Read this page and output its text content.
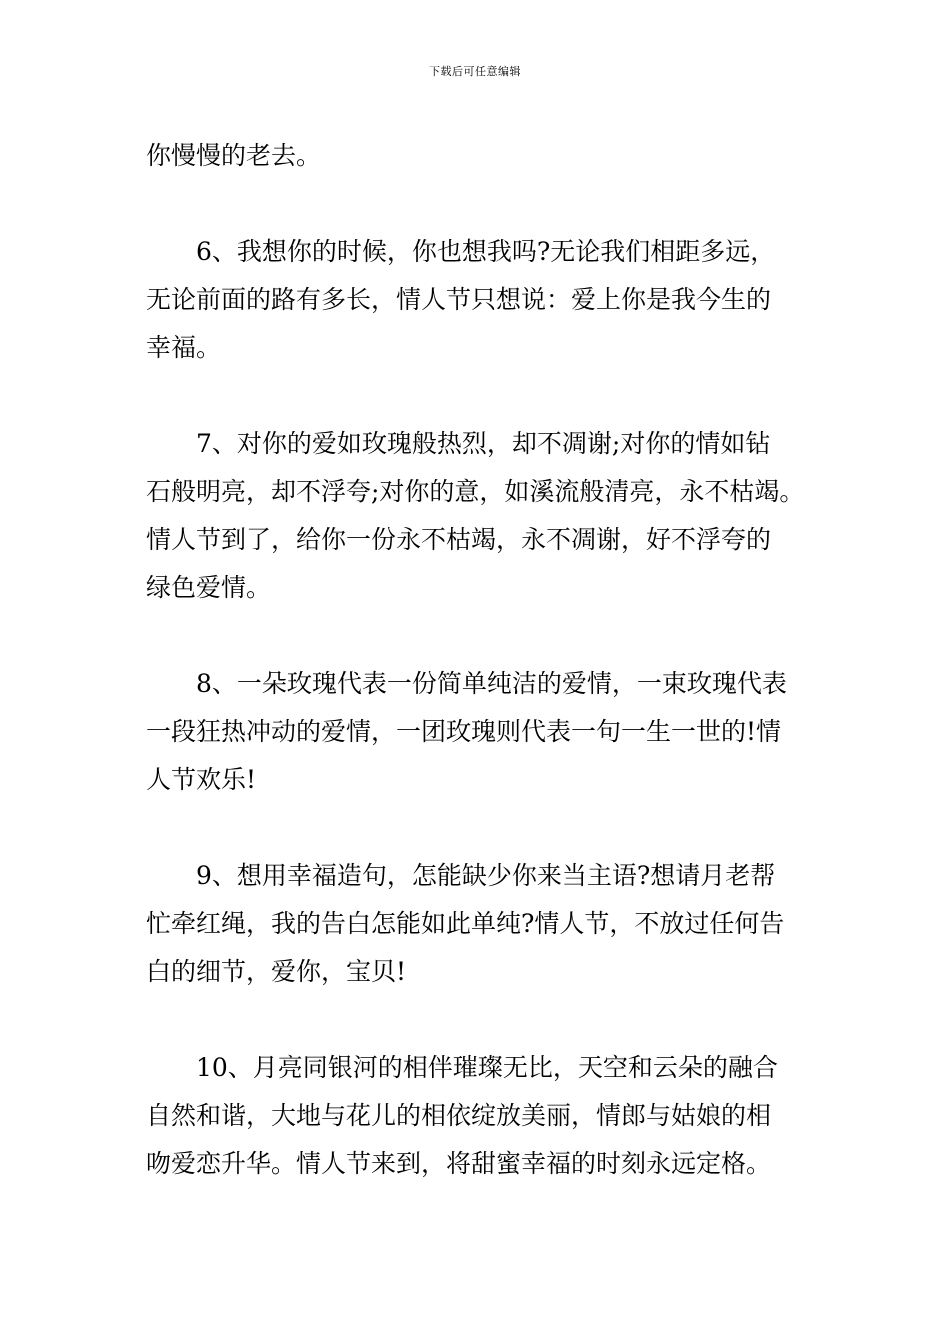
下载后可任意编辑

你慢慢的老去。

6、我想你的时候，你也想我吗?无论我们相距多远，
无论前面的路有多长，情人节只想说：爱上你是我今生的
幸福。

7、对你的爱如玫瑰般热烈，却不凋谢;对你的情如钻
石般明亮，却不浮夸;对你的意，如溪流般清亮，永不枯竭。
情人节到了，给你一份永不枯竭，永不凋谢，好不浮夸的
绿色爱情。

8、一朵玫瑰代表一份简单纯洁的爱情，一束玫瑰代表
一段狂热冲动的爱情，一团玫瑰则代表一句一生一世的!情
人节欢乐!

9、想用幸福造句，怎能缺少你来当主语?想请月老帮
忙牵红绳，我的告白怎能如此单纯?情人节，不放过任何告
白的细节，爱你，宝贝!

10、月亮同银河的相伴璀璨无比，天空和云朵的融合
自然和谐，大地与花儿的相依绽放美丽，情郎与姑娘的相
吻爱恋升华。情人节来到，将甜蜜幸福的时刻永远定格。
